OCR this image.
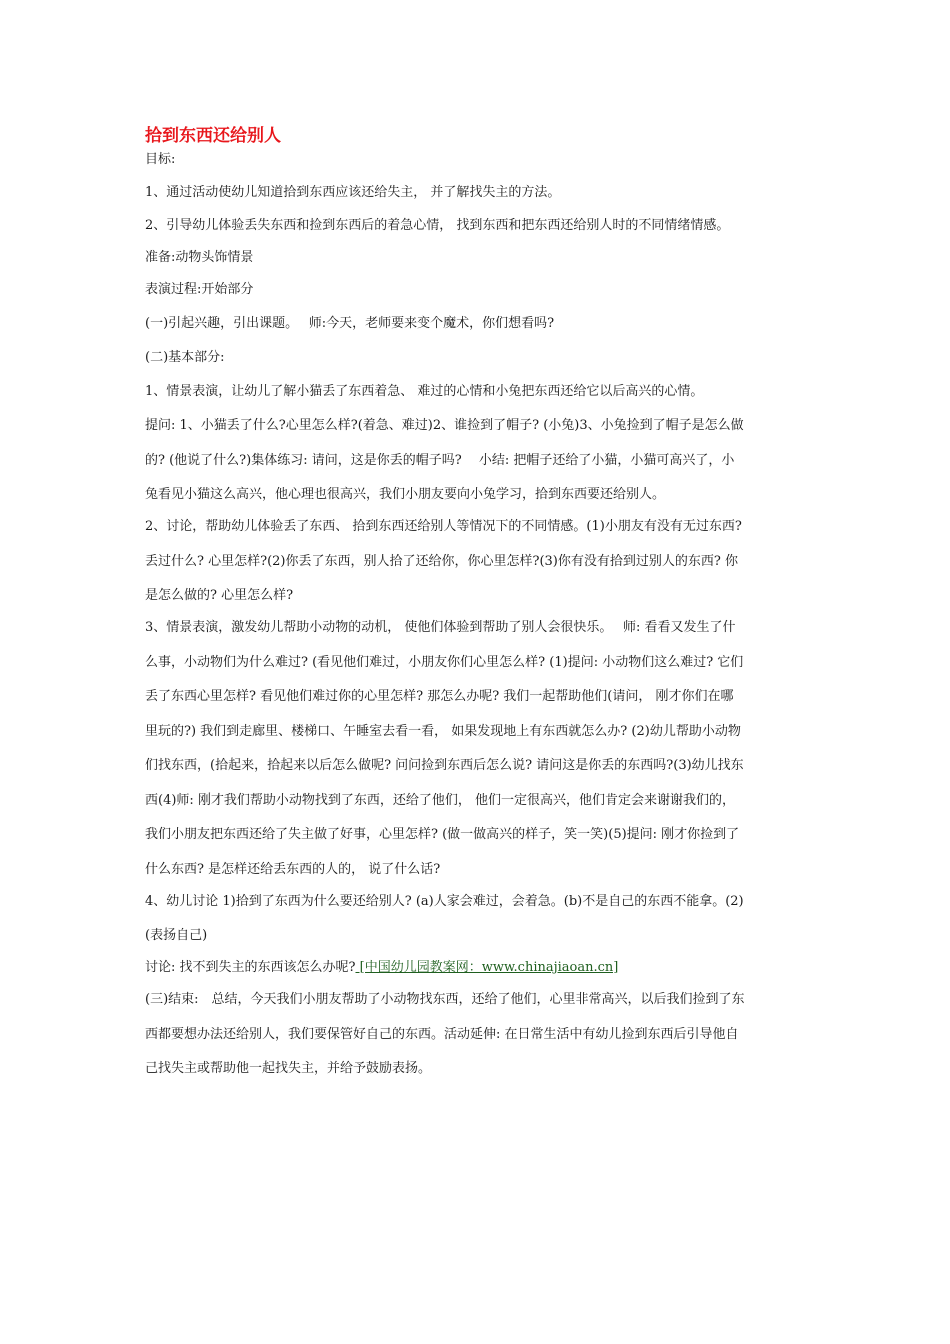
拾到东西还给别人

目标:

1、通过活动使幼儿知道拾到东西应该还给失主， 并了解找失主的方法。

2、引导幼儿体验丢失东西和捡到东西后的着急心情， 找到东西和把东西还给别人时的不同情绪情感。

准备:动物头饰情景

表演过程:开始部分

(一)引起兴趣，引出课题。　 师:今天，老师要来变个魔术，你们想看吗?

(二)基本部分:

1、情景表演，让幼儿了解小猫丢了东西着急、 难过的心情和小兔把东西还给它以后高兴的心情。

提问: 1、小猫丢了什么?心里怎么样?(着急、难过)2、谁捡到了帽子? (小兔)3、小兔捡到了帽子是怎么做
的? (他说了什么?)集体练习: 请问，这是你丢的帽子吗?　 小结: 把帽子还给了小猫，小猫可高兴了，小
兔看见小猫这么高兴，他心理也很高兴，我们小朋友要向小兔学习，拾到东西要还给别人。
2、讨论，帮助幼儿体验丢了东西、 拾到东西还给别人等情况下的不同情感。(1)小朋友有没有无过东西?
丢过什么? 心里怎样?(2)你丢了东西，别人拾了还给你，你心里怎样?(3)你有没有拾到过别人的东西? 你
是怎么做的? 心里怎么样?
3、情景表演，激发幼儿帮助小动物的动机， 使他们体验到帮助了别人会很快乐。　 师: 看看又发生了什
么事，小动物们为什么难过? (看见他们难过，小朋友你们心里怎么样? (1)提问: 小动物们这么难过? 它们
丢了东西心里怎样? 看见他们难过你的心里怎样? 那怎么办呢? 我们一起帮助他们(请问， 刚才你们在哪
里玩的?) 我们到走廊里、楼梯口、午睡室去看一看， 如果发现地上有东西就怎么办? (2)幼儿帮助小动物
们找东西，(拾起来，拾起来以后怎么做呢? 问问捡到东西后怎么说? 请问这是你丢的东西吗?(3)幼儿找东
西(4)师: 刚才我们帮助小动物找到了东西，还给了他们， 他们一定很高兴，他们肯定会来谢谢我们的，
我们小朋友把东西还给了失主做了好事，心里怎样? (做一做高兴的样子，笑一笑)(5)提问: 刚才你捡到了
什么东西? 是怎样还给丢东西的人的， 说了什么话?
4、幼儿讨论 1)拾到了东西为什么要还给别人? (a)人家会难过，会着急。(b)不是自己的东西不能拿。(2)
(表扬自己)

讨论: 找不到失主的东西该怎么办呢? [中国幼儿园教案网：www.chinajiaoan.cn]

(三)结束:　总结，今天我们小朋友帮助了小动物找东西，还给了他们，心里非常高兴，以后我们捡到了东
西都要想办法还给别人，我们要保管好自己的东西。活动延伸: 在日常生活中有幼儿捡到东西后引导他自
己找失主或帮助他一起找失主，并给予鼓励表扬。
